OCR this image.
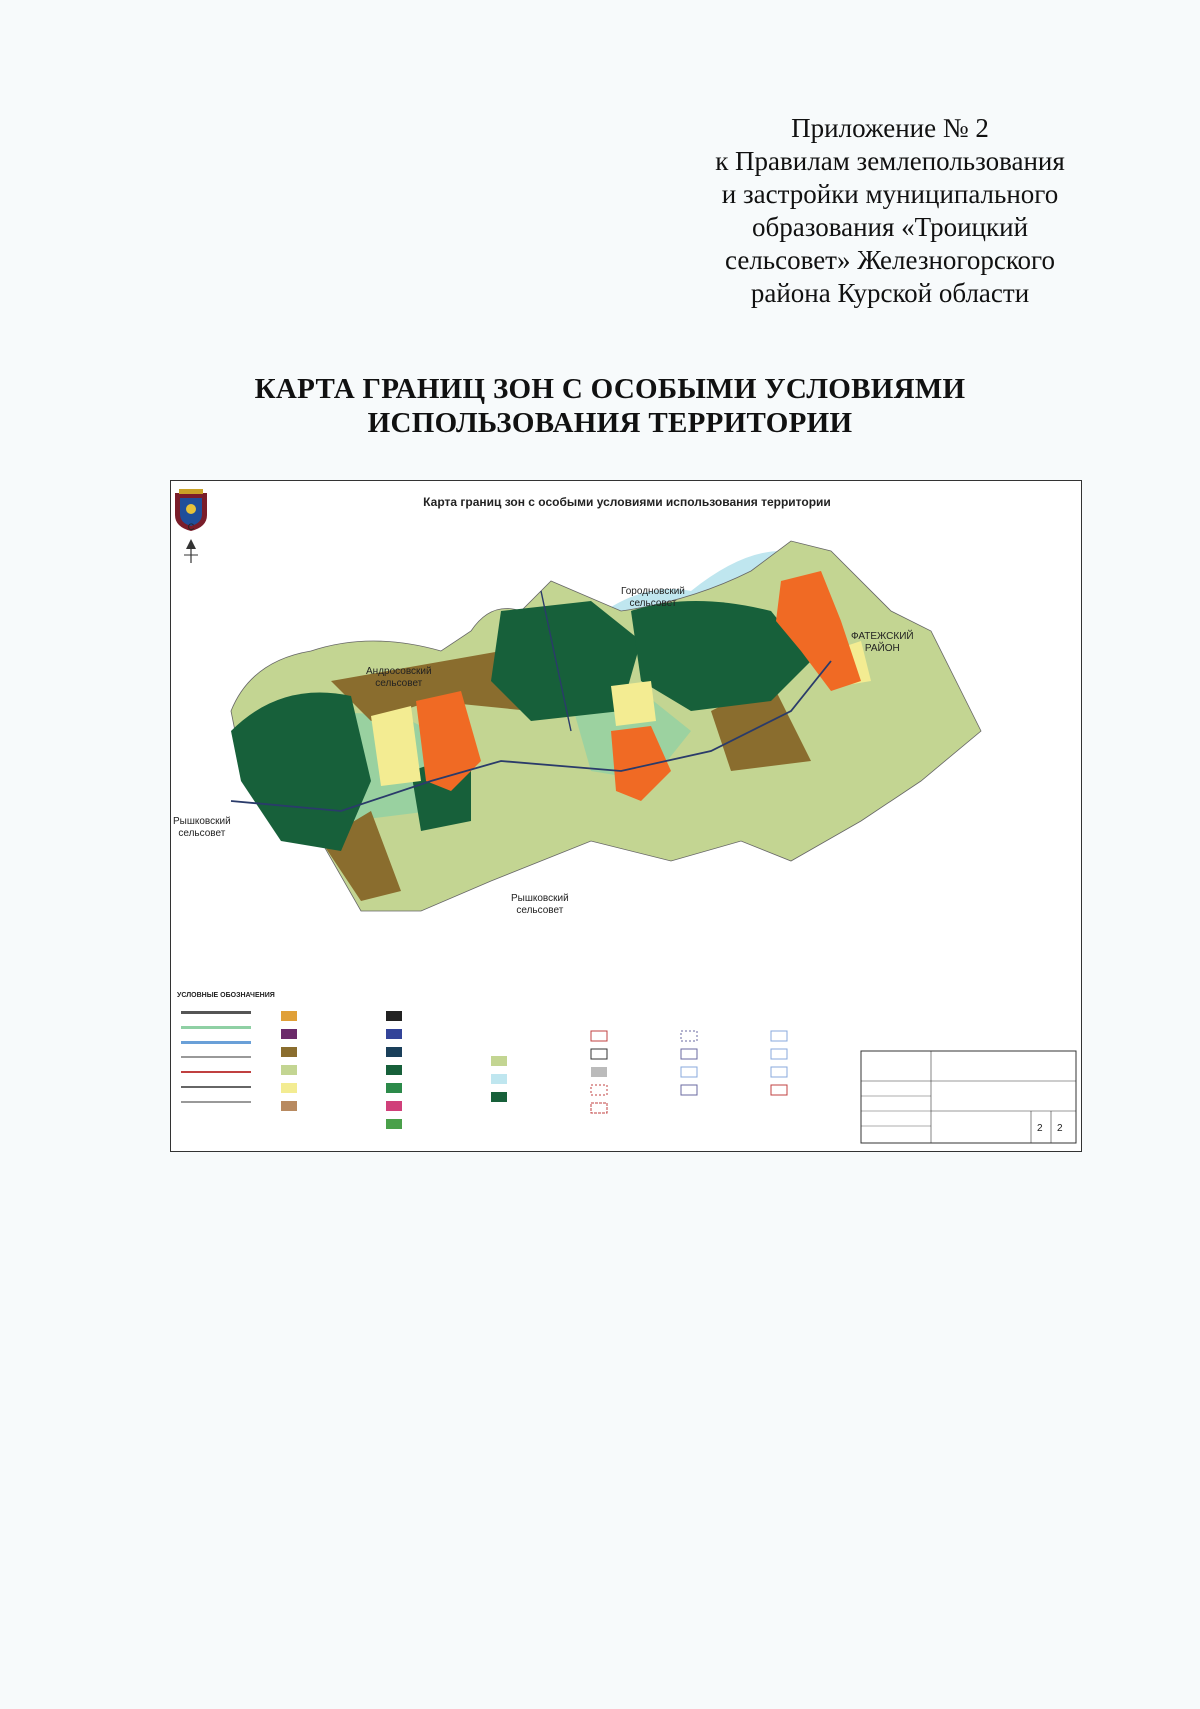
Приложение № 2
к Правилам землепользования
и застройки муниципального
образования «Троицкий
сельсовет» Железногорского
района Курской области
КАРТА ГРАНИЦ ЗОН С ОСОБЫМИ УСЛОВИЯМИ
ИСПОЛЬЗОВАНИЯ ТЕРРИТОРИИ
Карта границ зон с особыми условиями использования территории
С
Городновский
сельсовет
Андросовский
сельсовет
ФАТЕЖСКИЙ
РАЙОН
Рышковский
сельсовет
Рышковский
сельсовет
УСЛОВНЫЕ ОБОЗНАЧЕНИЯ
2 2
